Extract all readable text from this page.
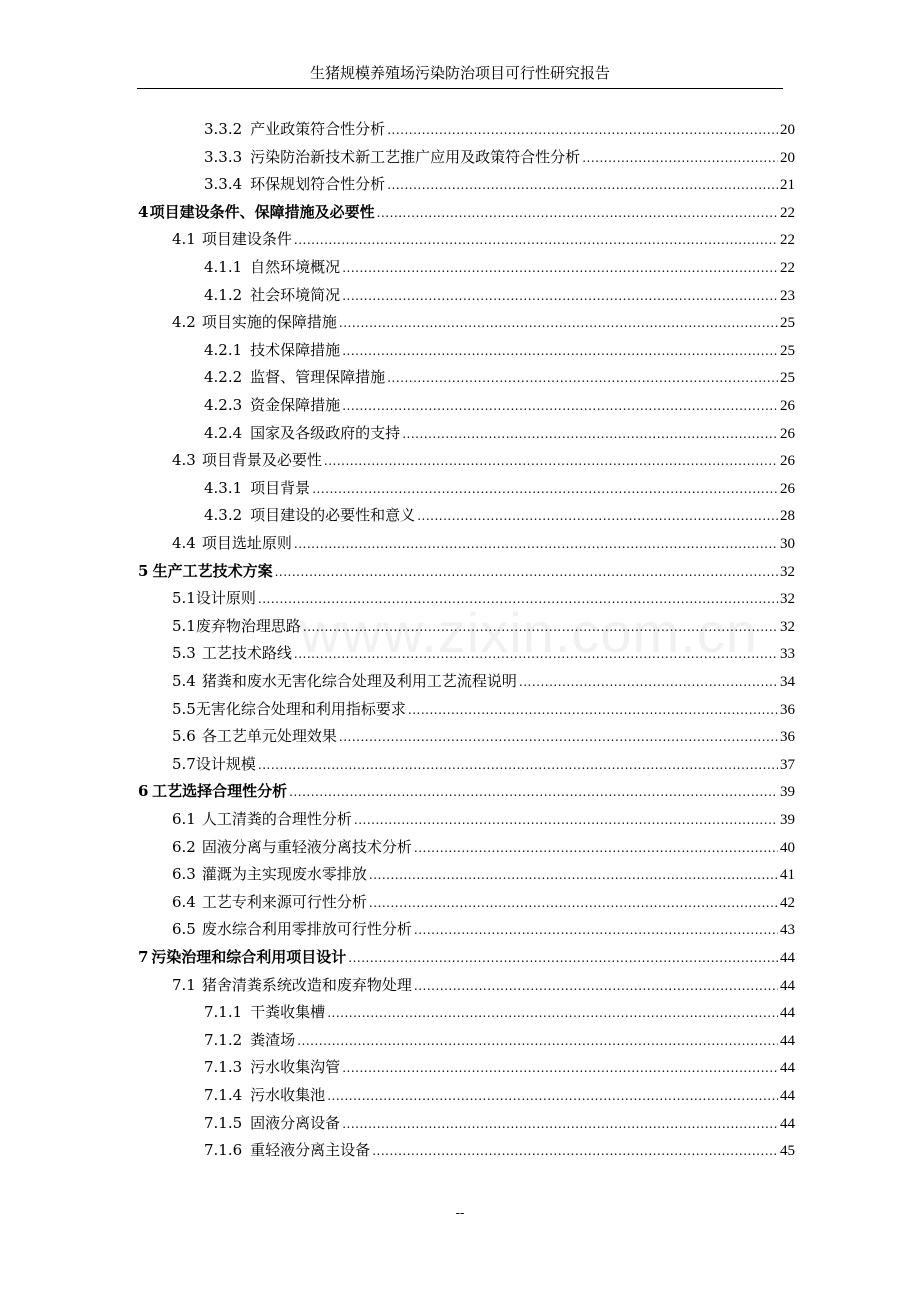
生猪规模养殖场污染防治项目可行性研究报告
www.zixin.com.cn
3.3.2 产业政策符合性分析 .....	20
3.3.3 污染防治新技术新工艺推广应用及政策符合性分析 .....	20
3.3.4 环保规划符合性分析 .....	21
4 项目建设条件、保障措施及必要性 .....	22
4.1 项目建设条件 .....	22
4.1.1 自然环境概况 .....	22
4.1.2 社会环境简况 .....	23
4.2 项目实施的保障措施 .....	25
4.2.1 技术保障措施 .....	25
4.2.2 监督、管理保障措施 .....	25
4.2.3 资金保障措施 .....	26
4.2.4 国家及各级政府的支持 .....	26
4.3 项目背景及必要性 .....	26
4.3.1 项目背景 .....	26
4.3.2 项目建设的必要性和意义 .....	28
4.4 项目选址原则 .....	30
5 生产工艺技术方案 .....	32
5.1 设计原则 .....	32
5.1 废弃物治理思路 .....	32
5.3 工艺技术路线 .....	33
5.4 猪粪和废水无害化综合处理及利用工艺流程说明 .....	34
5.5 无害化综合处理和利用指标要求 .....	36
5.6 各工艺单元处理效果 .....	36
5.7 设计规模 .....	37
6 工艺选择合理性分析 .....	39
6.1 人工清粪的合理性分析 .....	39
6.2 固液分离与重轻液分离技术分析 .....	40
6.3 灌溉为主实现废水零排放 .....	41
6.4 工艺专利来源可行性分析 .....	42
6.5 废水综合利用零排放可行性分析 .....	43
7 污染治理和综合利用项目设计 .....	44
7.1 猪舍清粪系统改造和废弃物处理 .....	44
7.1.1 干粪收集槽 .....	44
7.1.2 粪渣场 .....	44
7.1.3 污水收集沟管 .....	44
7.1.4 污水收集池 .....	44
7.1.5 固液分离设备 .....	44
7.1.6 重轻液分离主设备 .....	45
--
